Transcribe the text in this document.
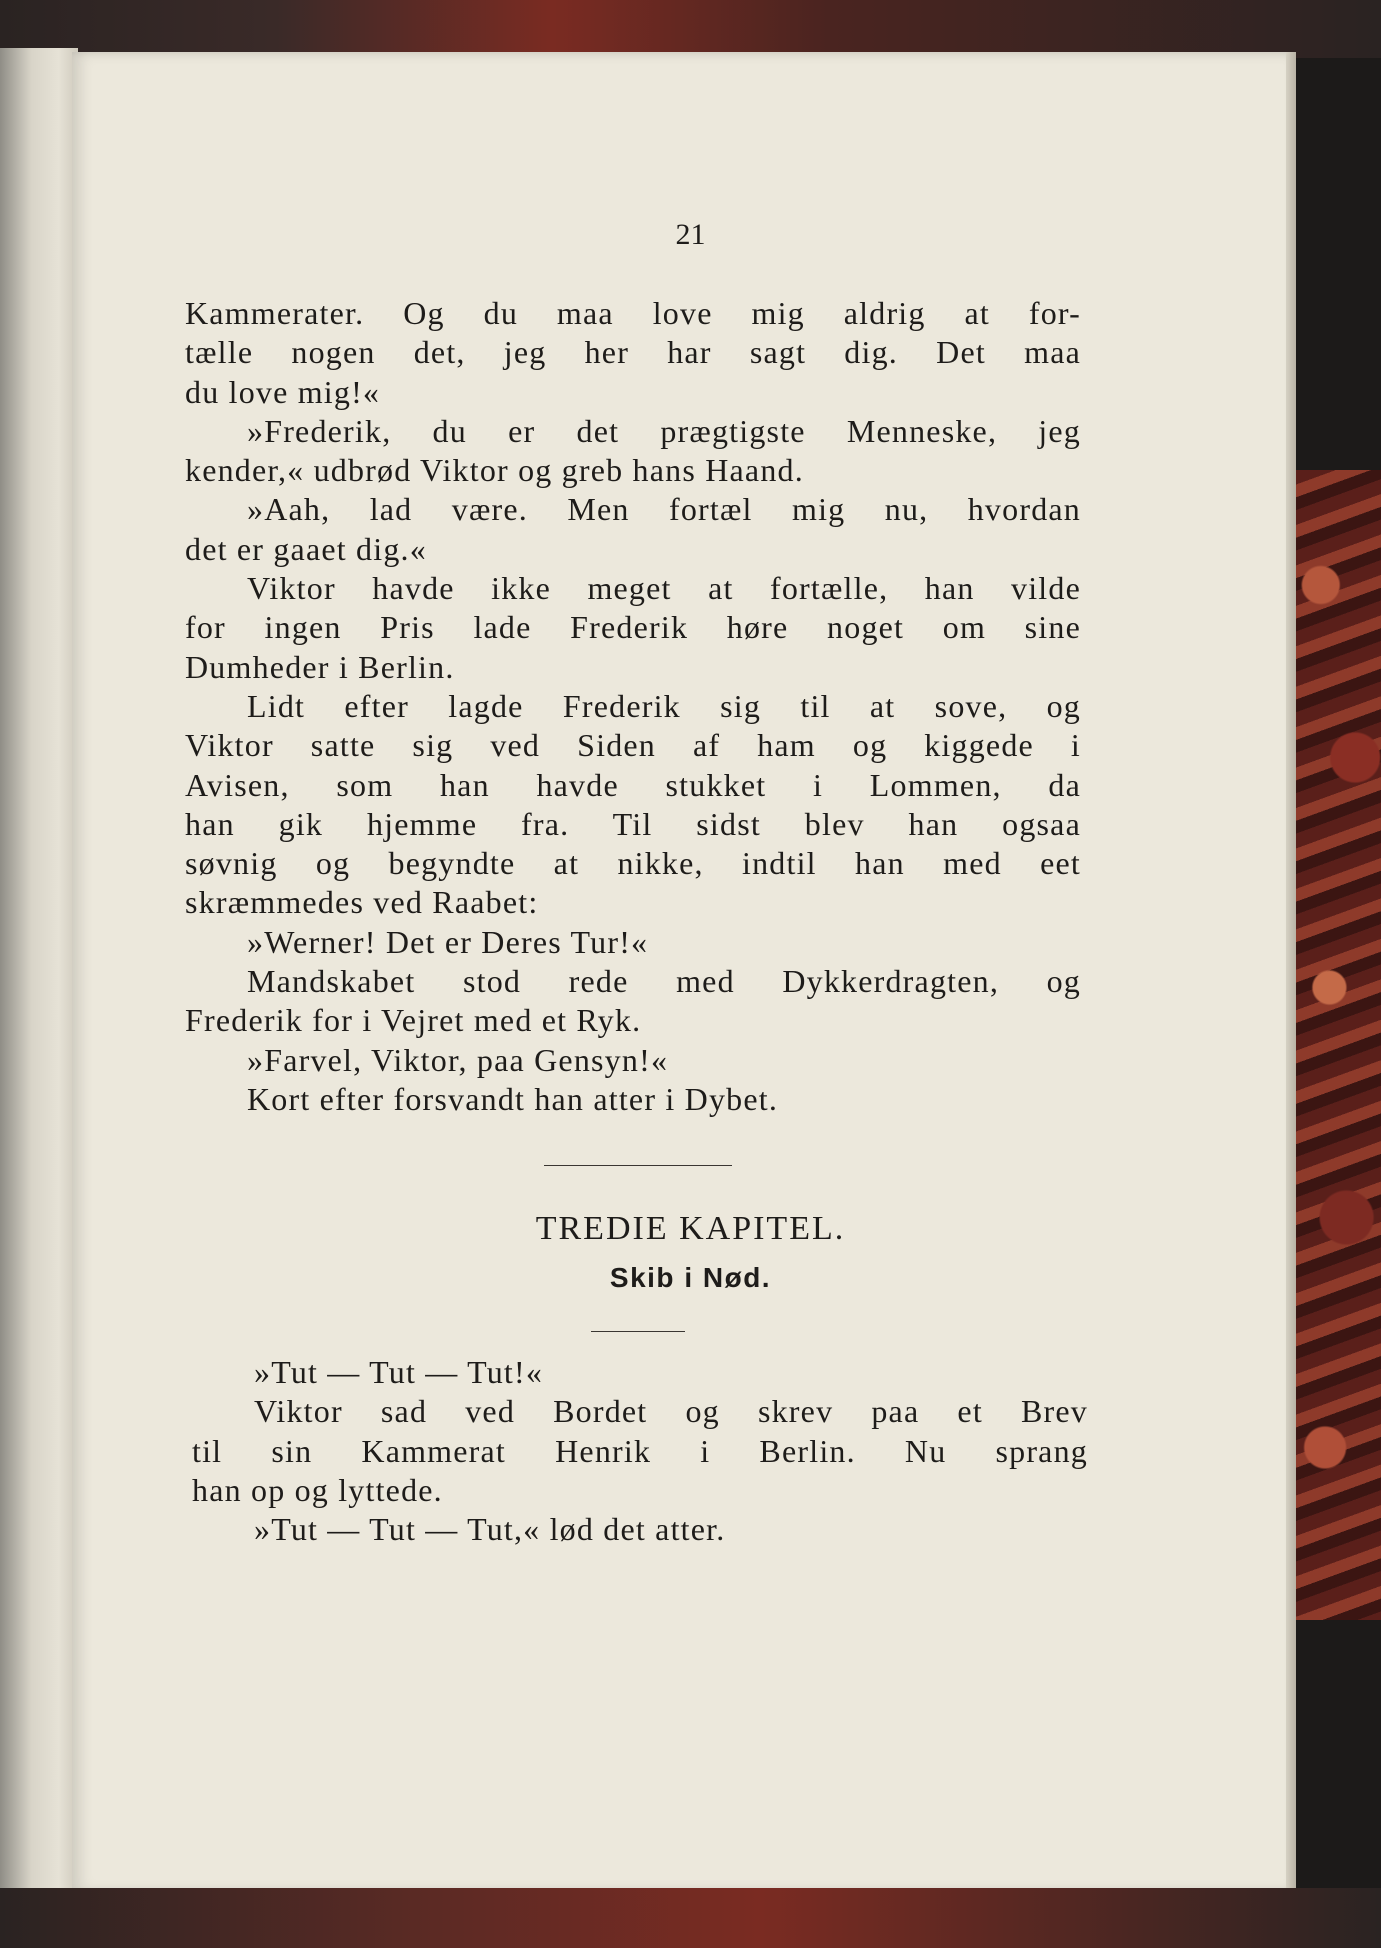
21
Kammerater. Og du maa love mig aldrig at for-
tælle nogen det, jeg her har sagt dig. Det maa
du love mig!«
»Frederik, du er det prægtigste Menneske, jeg
kender,« udbrød Viktor og greb hans Haand.
»Aah, lad være. Men fortæl mig nu, hvordan
det er gaaet dig.«
Viktor havde ikke meget at fortælle, han vilde
for ingen Pris lade Frederik høre noget om sine
Dumheder i Berlin.
Lidt efter lagde Frederik sig til at sove, og
Viktor satte sig ved Siden af ham og kiggede i
Avisen, som han havde stukket i Lommen, da
han gik hjemme fra. Til sidst blev han ogsaa
søvnig og begyndte at nikke, indtil han med eet
skræmmedes ved Raabet:
»Werner! Det er Deres Tur!«
Mandskabet stod rede med Dykkerdragten, og
Frederik for i Vejret med et Ryk.
»Farvel, Viktor, paa Gensyn!«
Kort efter forsvandt han atter i Dybet.
TREDIE KAPITEL.
Skib i Nød.
»Tut — Tut — Tut!«
Viktor sad ved Bordet og skrev paa et Brev
til sin Kammerat Henrik i Berlin. Nu sprang
han op og lyttede.
»Tut — Tut — Tut,« lød det atter.
